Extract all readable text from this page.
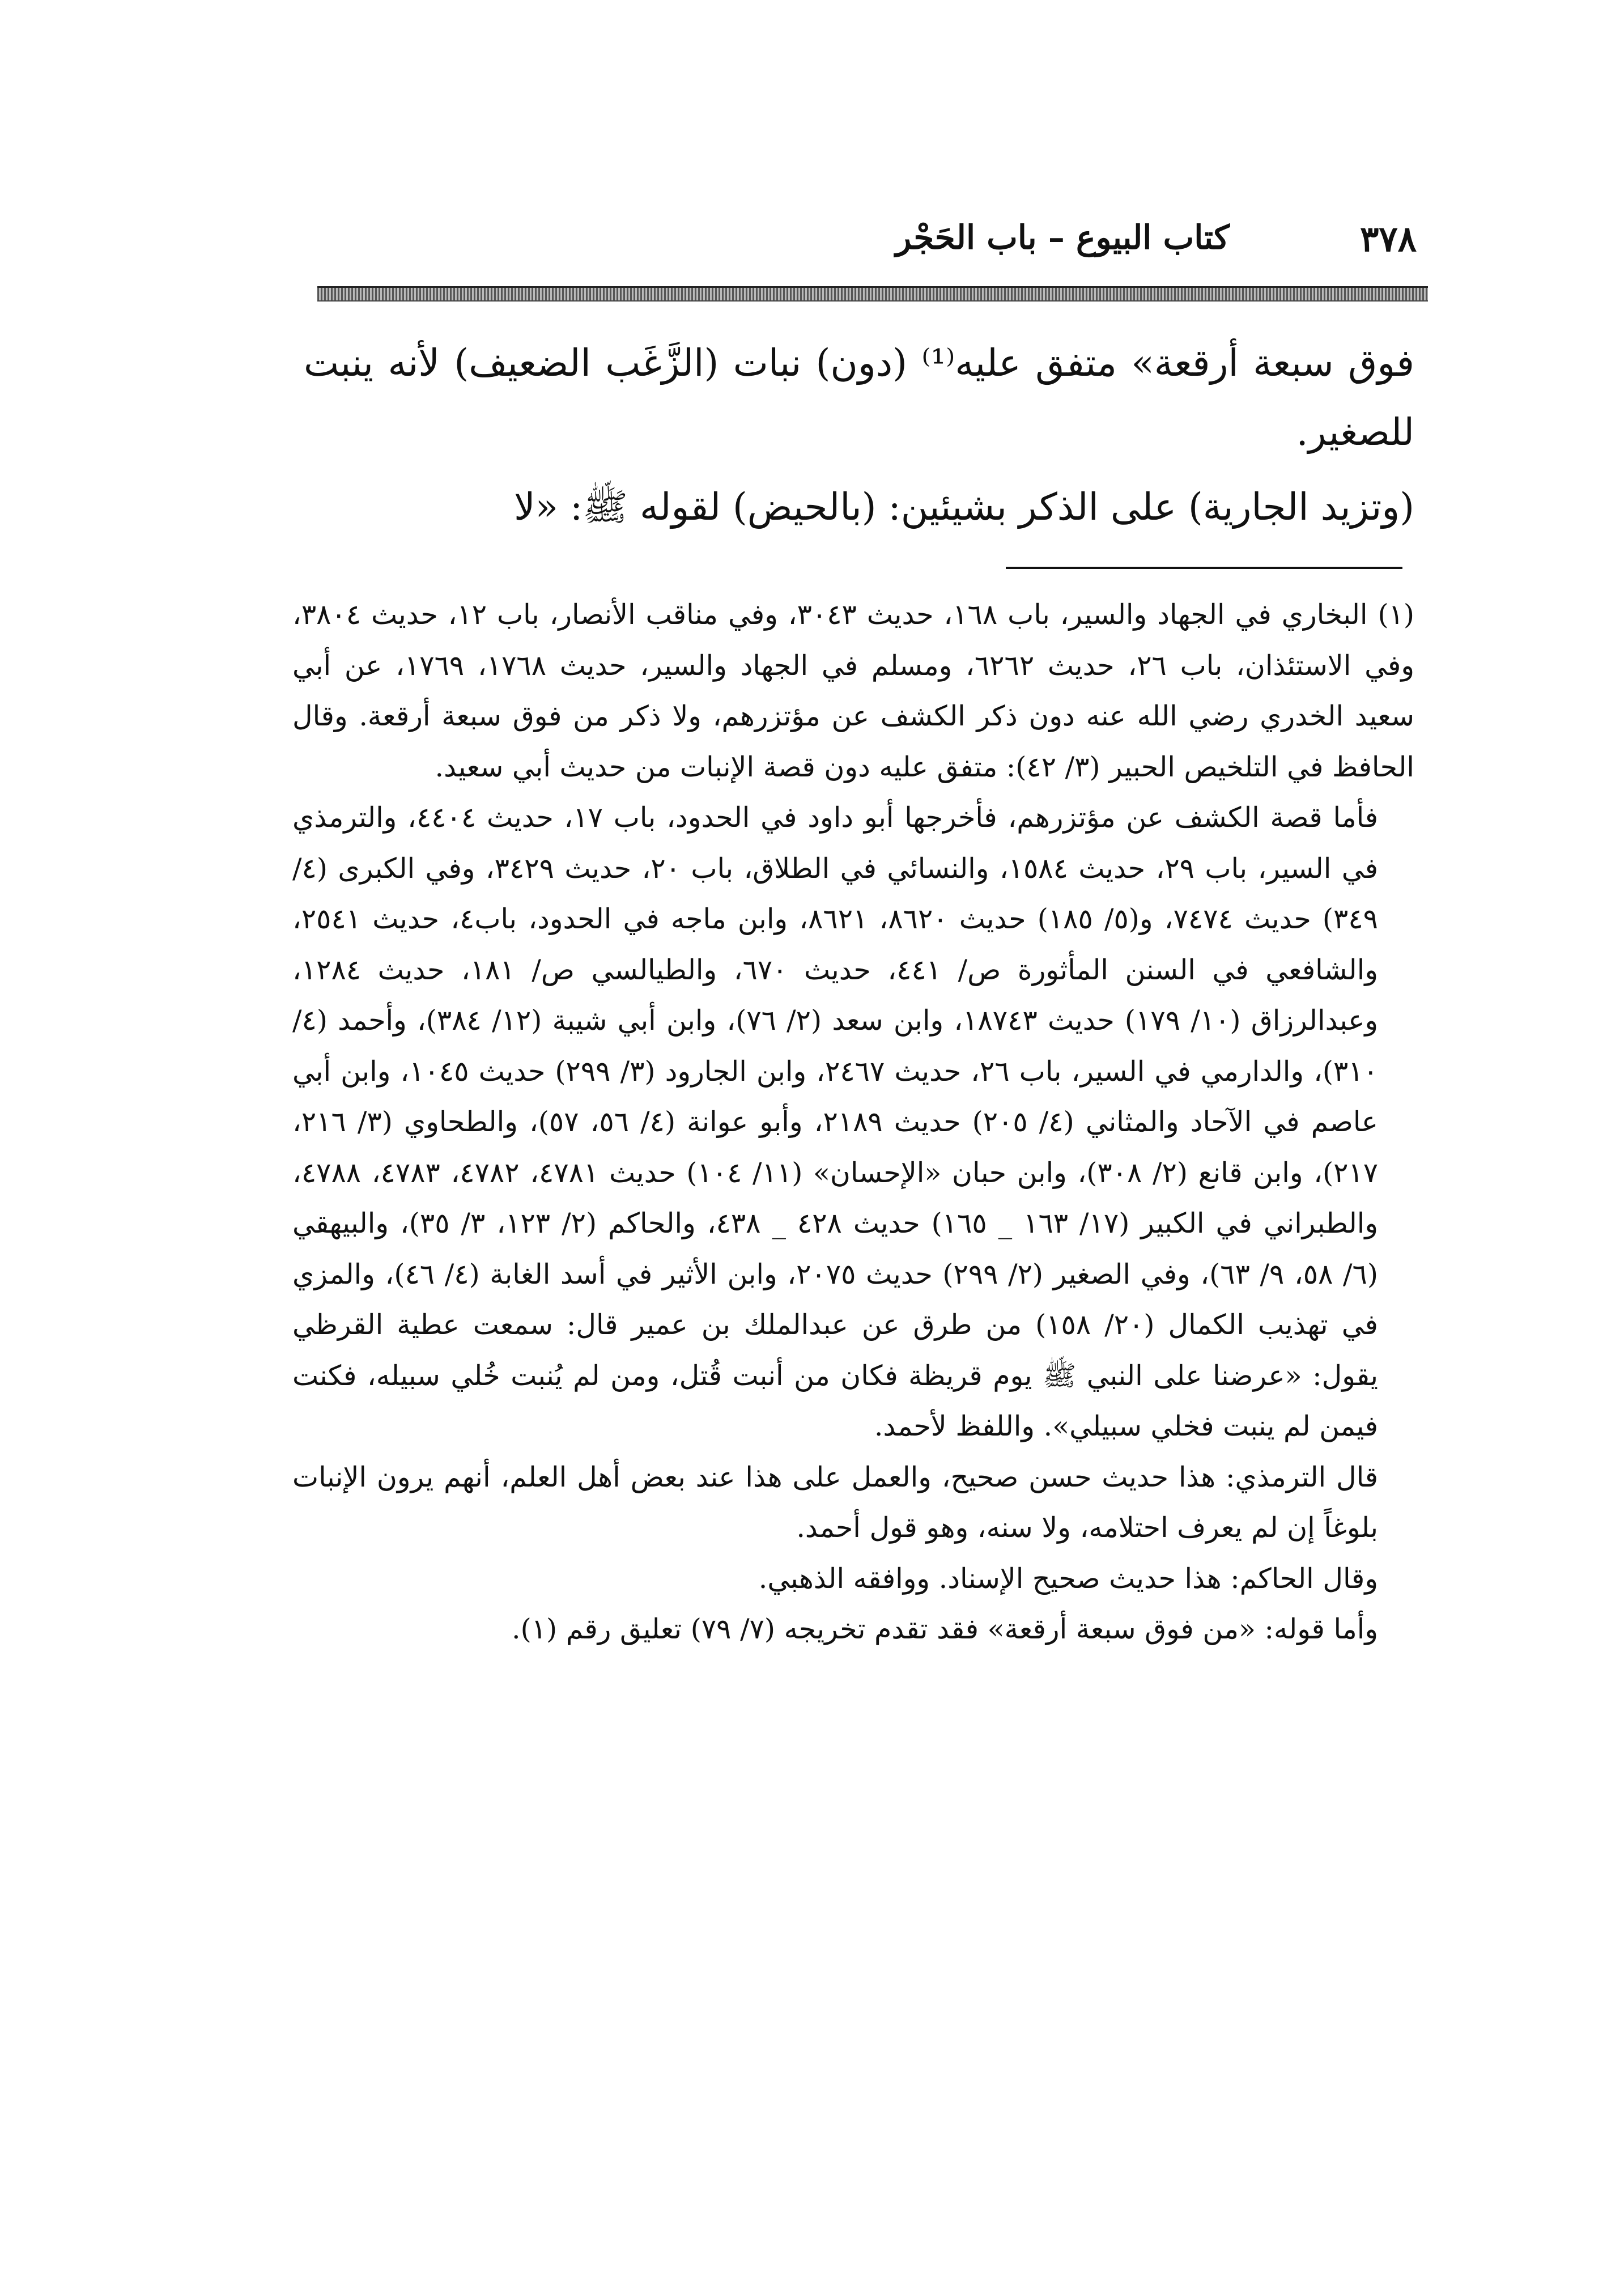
كتاب البيوع – باب الحَجْر	٣٧٨

فوق سبعة أرقعة» متفق عليه⁽¹⁾ (دون) نبات (الزَّغَب الضعيف) لأنه ينبت للصغير.

(وتزيد الجارية) على الذكر بشيئين: (بالحيض) لقوله ﷺ: «لا

(١) البخاري في الجهاد والسير، باب ١٦٨، حديث ٣٠٤٣، وفي مناقب الأنصار، باب ١٢، حديث ٣٨٠٤، وفي الاستئذان، باب ٢٦، حديث ٦٢٦٢، ومسلم في الجهاد والسير، حديث ١٧٦٨، ١٧٦٩، عن أبي سعيد الخدري رضي الله عنه دون ذكر الكشف عن مؤتزرهم، ولا ذكر من فوق سبعة أرقعة. وقال الحافظ في التلخيص الحبير (٣/ ٤٢): متفق عليه دون قصة الإنبات من حديث أبي سعيد.

فأما قصة الكشف عن مؤتزرهم، فأخرجها أبو داود في الحدود، باب ١٧، حديث ٤٤٠٤، والترمذي في السير، باب ٢٩، حديث ١٥٨٤، والنسائي في الطلاق، باب ٢٠، حديث ٣٤٢٩، وفي الكبرى (٤/ ٣٤٩) حديث ٧٤٧٤، و(٥/ ١٨٥) حديث ٨٦٢٠، ٨٦٢١، وابن ماجه في الحدود، باب٤، حديث ٢٥٤١، والشافعي في السنن المأثورة ص/ ٤٤١، حديث ٦٧٠، والطيالسي ص/ ١٨١، حديث ١٢٨٤، وعبدالرزاق (١٠/ ١٧٩) حديث ١٨٧٤٣، وابن سعد (٢/ ٧٦)، وابن أبي شيبة (١٢/ ٣٨٤)، وأحمد (٤/ ٣١٠)، والدارمي في السير، باب ٢٦، حديث ٢٤٦٧، وابن الجارود (٣/ ٢٩٩) حديث ١٠٤٥، وابن أبي عاصم في الآحاد والمثاني (٤/ ٢٠٥) حديث ٢١٨٩، وأبو عوانة (٤/ ٥٦، ٥٧)، والطحاوي (٣/ ٢١٦، ٢١٧)، وابن قانع (٢/ ٣٠٨)، وابن حبان «الإحسان» (١١/ ١٠٤) حديث ٤٧٨١، ٤٧٨٢، ٤٧٨٣، ٤٧٨٨، والطبراني في الكبير (١٧/ ١٦٣ _ ١٦٥) حديث ٤٢٨ _ ٤٣٨، والحاكم (٢/ ١٢٣، ٣/ ٣٥)، والبيهقي (٦/ ٥٨، ٩/ ٦٣)، وفي الصغير (٢/ ٢٩٩) حديث ٢٠٧٥، وابن الأثير في أسد الغابة (٤/ ٤٦)، والمزي في تهذيب الكمال (٢٠/ ١٥٨) من طرق عن عبدالملك بن عمير قال: سمعت عطية القرظي يقول: «عرضنا على النبي ﷺ يوم قريظة فكان من أنبت قُتل، ومن لم يُنبت خُلي سبيله، فكنت فيمن لم ينبت فخلي سبيلي». واللفظ لأحمد.

قال الترمذي: هذا حديث حسن صحيح، والعمل على هذا عند بعض أهل العلم، أنهم يرون الإنبات بلوغاً إن لم يعرف احتلامه، ولا سنه، وهو قول أحمد.

وقال الحاكم: هذا حديث صحيح الإسناد. ووافقه الذهبي.

وأما قوله: «من فوق سبعة أرقعة» فقد تقدم تخريجه (٧/ ٧٩) تعليق رقم (١).
